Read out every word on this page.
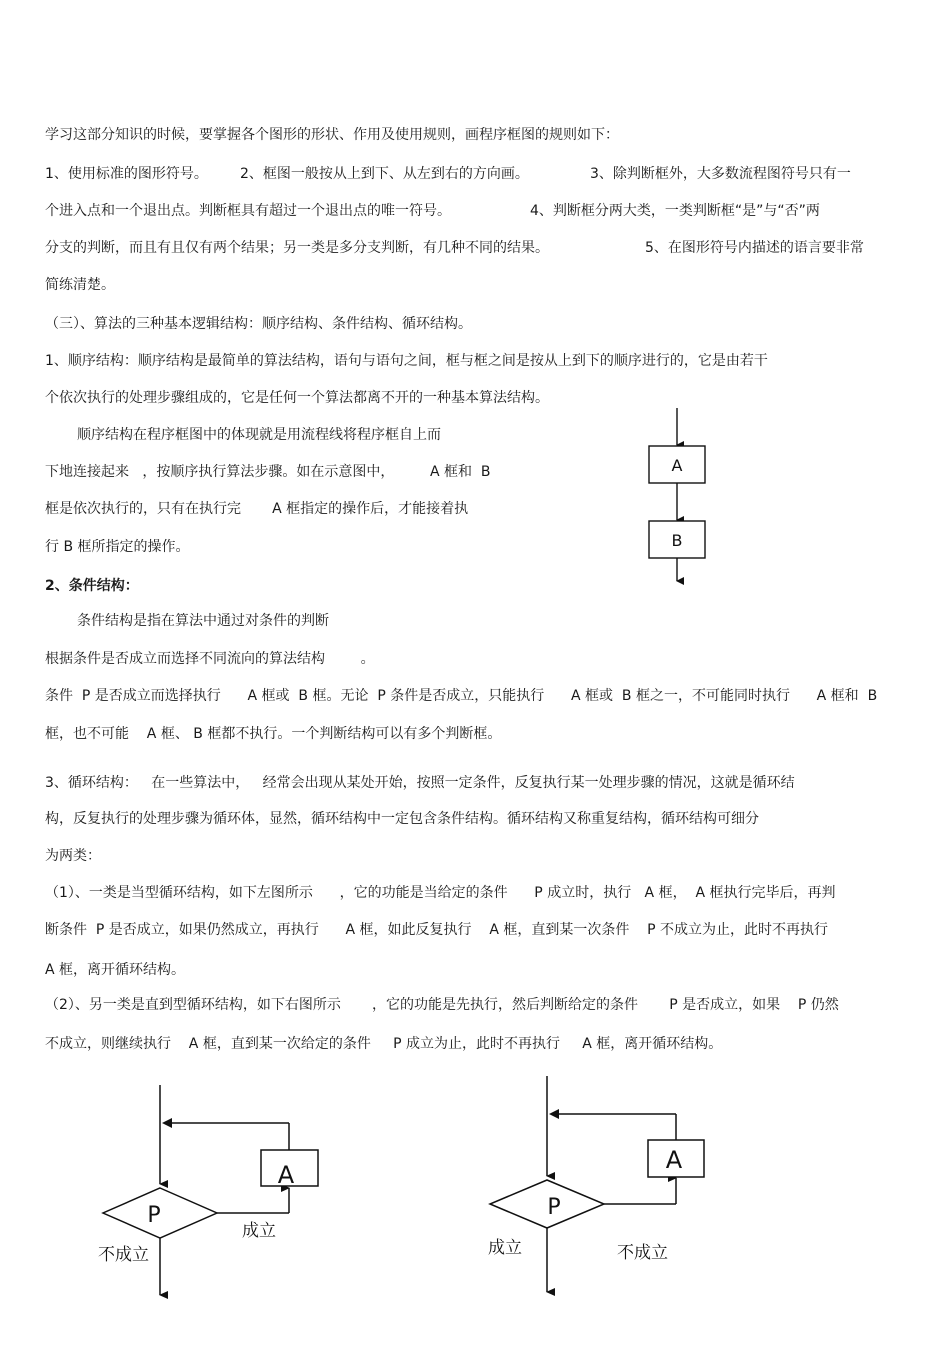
学习这部分知识的时候，要掌握各个图形的形状、作用及使用规则，画程序框图的规则如下：
1、使用标准的图形符号。 2、框图一般按从上到下、从左到右的方向画。	3、除判断框外，大多数流程图符号只有一
个进入点和一个退出点。判断框具有超过一个退出点的唯一符号。	4、判断框分两大类，一类判断框“是”与“否”两
分支的判断，而且有且仅有两个结果；另一类是多分支判断，有几种不同的结果。	5、在图形符号内描述的语言要非常
简练清楚。
（三）、算法的三种基本逻辑结构：顺序结构、条件结构、循环结构。
1、顺序结构：顺序结构是最简单的算法结构，语句与语句之间，框与框之间是按从上到下的顺序进行的，它是由若干
个依次执行的处理步骤组成的，它是任何一个算法都离不开的一种基本算法结构。
顺序结构在程序框图中的体现就是用流程线将程序框自上而
下地连接起来   ，按顺序执行算法步骤。如在示意图中，        A 框和  B
框是依次执行的，只有在执行完       A 框指定的操作后，才能接着执
行 B 框所指定的操作。
A
B
2、条件结构：
条件结构是指在算法中通过对条件的判断
根据条件是否成立而选择不同流向的算法结构        。
条件  P 是否成立而选择执行      A 框或  B 框。无论  P 条件是否成立，只能执行      A 框或  B 框之一，不可能同时执行      A 框和  B
框，也不可能    A 框、 B 框都不执行。一个判断结构可以有多个判断框。
3、循环结构：   在一些算法中，   经常会出现从某处开始，按照一定条件，反复执行某一处理步骤的情况，这就是循环结
构，反复执行的处理步骤为循环体，显然，循环结构中一定包含条件结构。循环结构又称重复结构，循环结构可细分
为两类：
（1）、一类是当型循环结构，如下左图所示      ，它的功能是当给定的条件      P 成立时，执行   A 框，  A 框执行完毕后，再判
断条件  P 是否成立，如果仍然成立，再执行      A 框，如此反复执行    A 框，直到某一次条件    P 不成立为止，此时不再执行
A 框，离开循环结构。
（2）、另一类是直到型循环结构，如下右图所示       ，它的功能是先执行，然后判断给定的条件       P 是否成立，如果    P 仍然
不成立，则继续执行    A 框，直到某一次给定的条件     P 成立为止，此时不再执行     A 框，离开循环结构。
P
A
成立
不成立
P
A
成立	不成立
